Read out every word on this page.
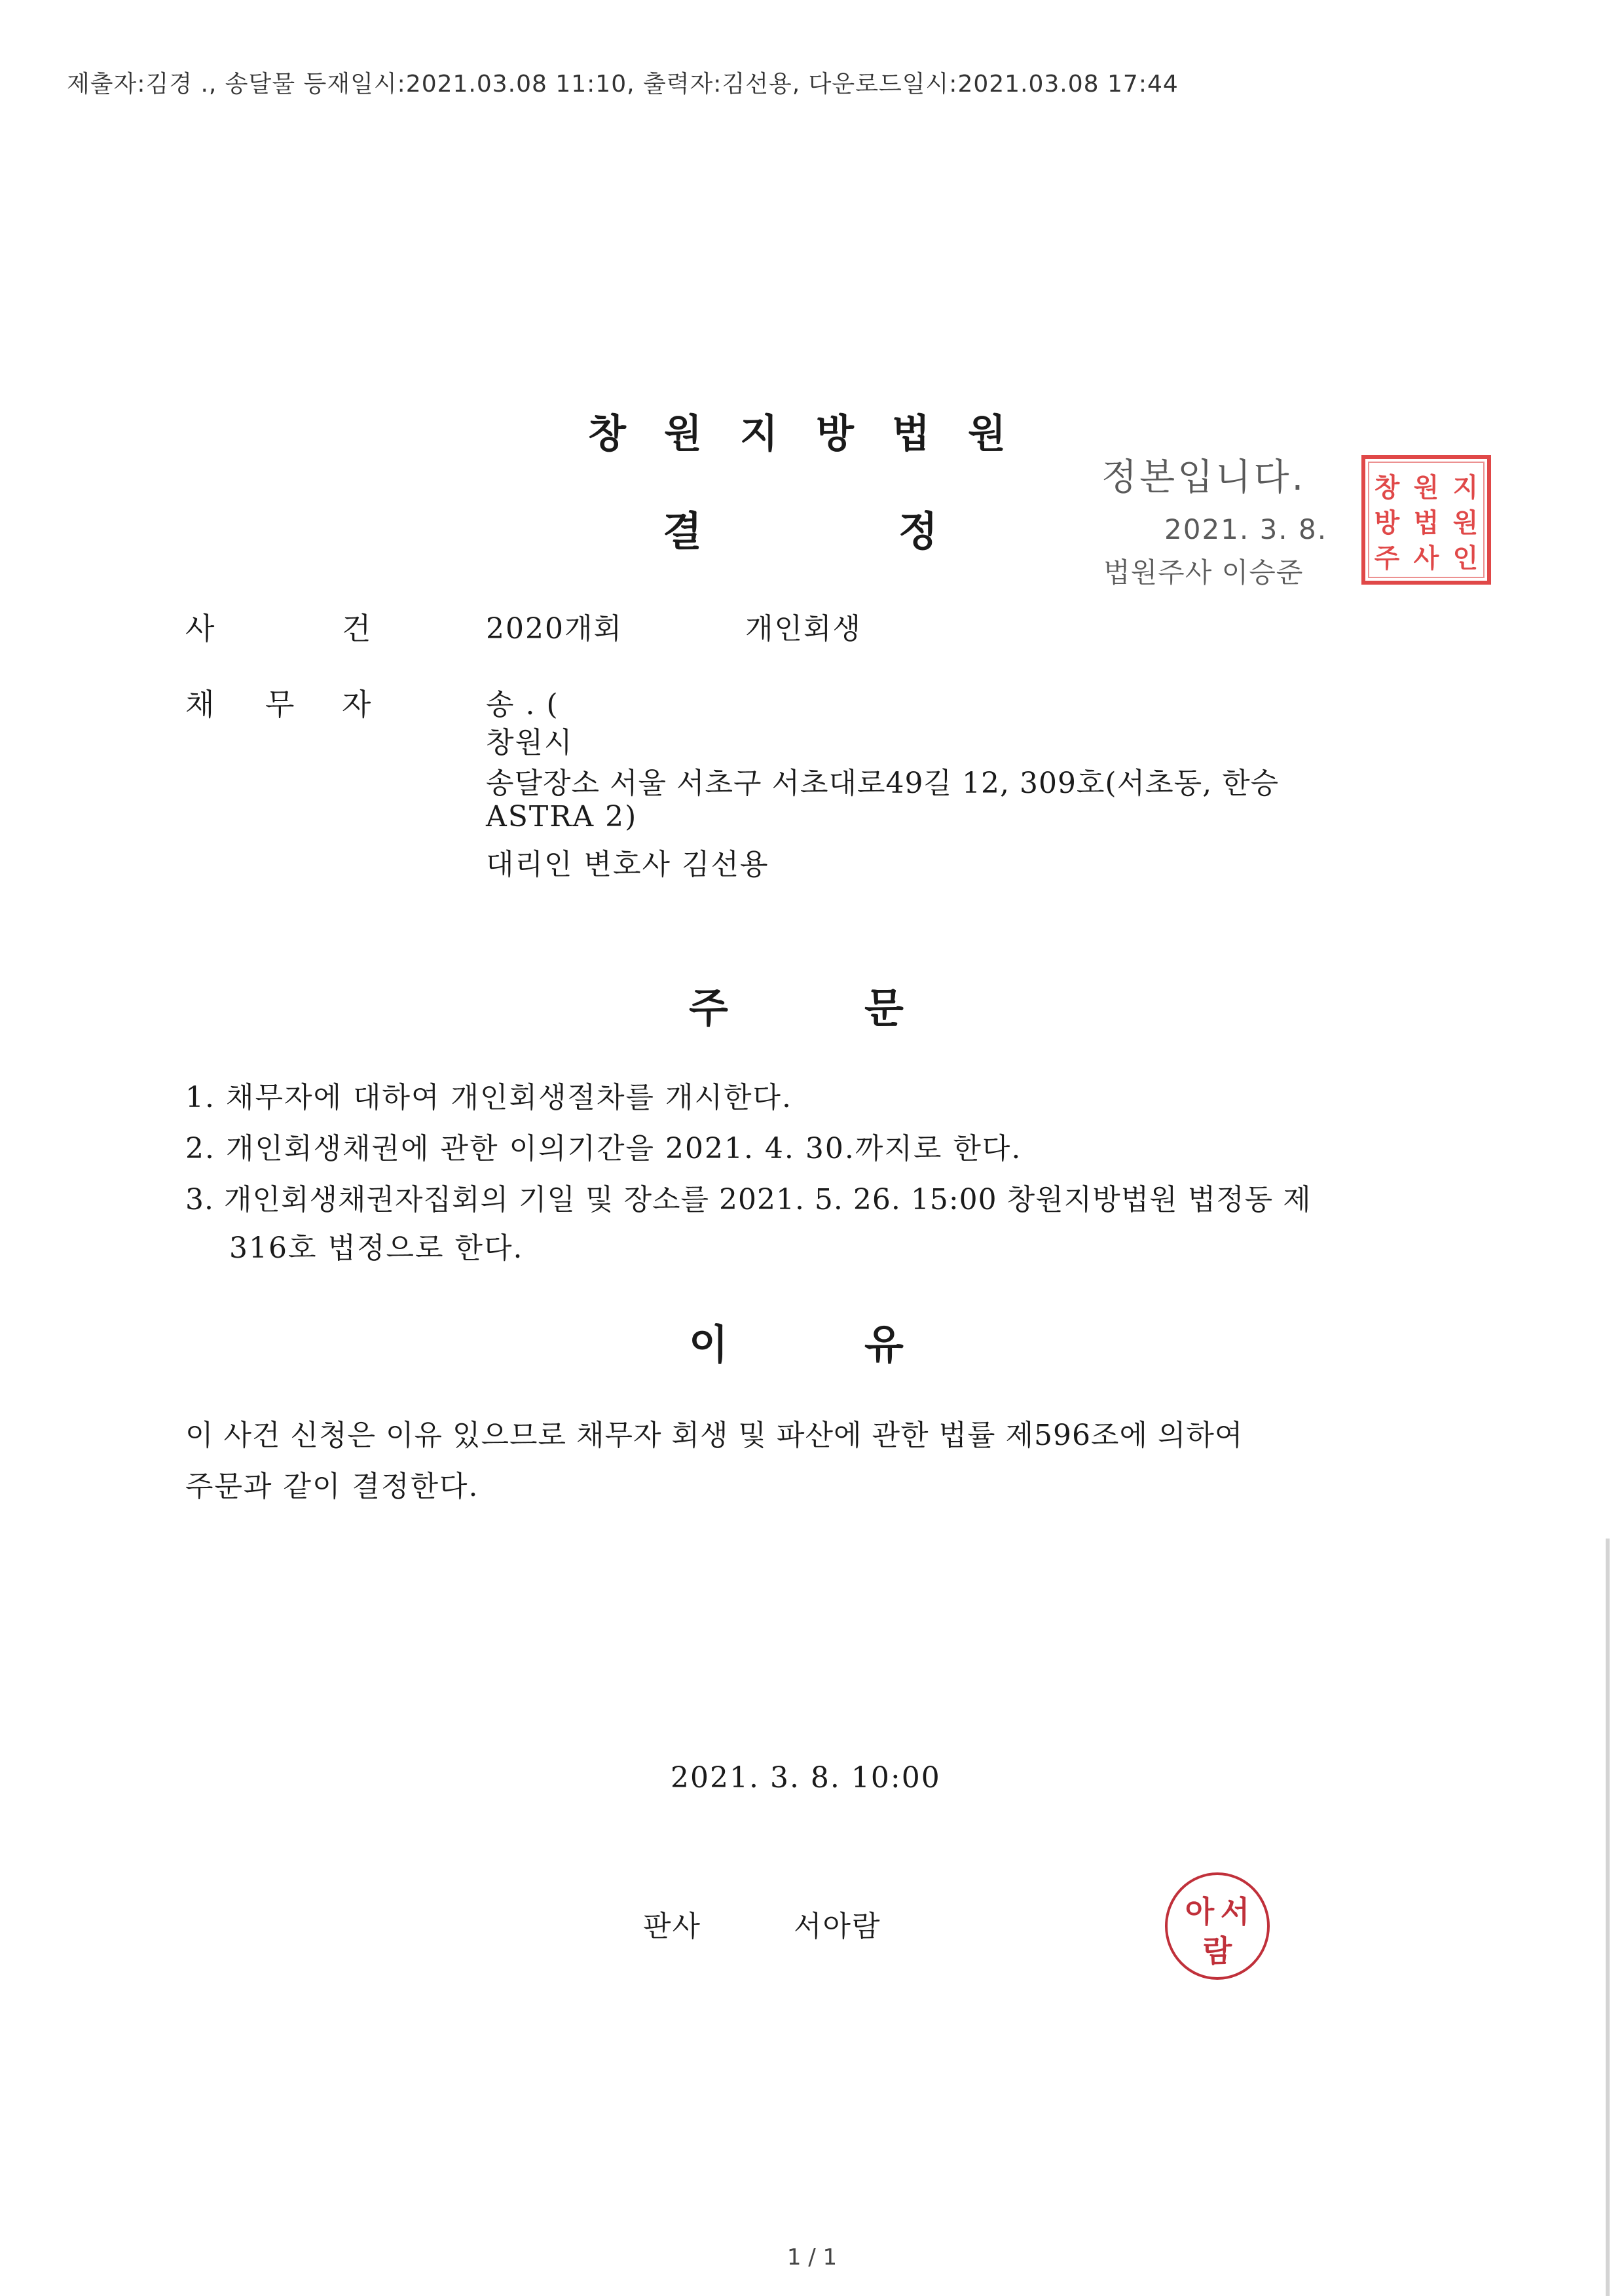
제출자:김경 ., 송달물 등재일시:2021.03.08 11:10, 출력자:김선용, 다운로드일시:2021.03.08 17:44
창 원 지 방 법 원
결	정
정본입니다.
2021. 3. 8.
법원주사 이승준
창 원 지
방 법 원
주 사 인
사	건	2020개회	개인회생
채 무 자	송 . (
창원시
송달장소 서울 서초구 서초대로49길 12, 309호(서초동, 한승
ASTRA 2)
대리인 변호사 김선용
주	문
1. 채무자에 대하여 개인회생절차를 개시한다.
2. 개인회생채권에 관한 이의기간을 2021. 4. 30.까지로 한다.
3. 개인회생채권자집회의 기일 및 장소를 2021. 5. 26. 15:00 창원지방법원 법정동 제
316호 법정으로 한다.
이	유
이 사건 신청은 이유 있으므로 채무자 회생 및 파산에 관한 법률 제596조에 의하여
주문과 같이 결정한다.
2021. 3. 8. 10:00
판사	서아람	서
아
람
1 / 1
